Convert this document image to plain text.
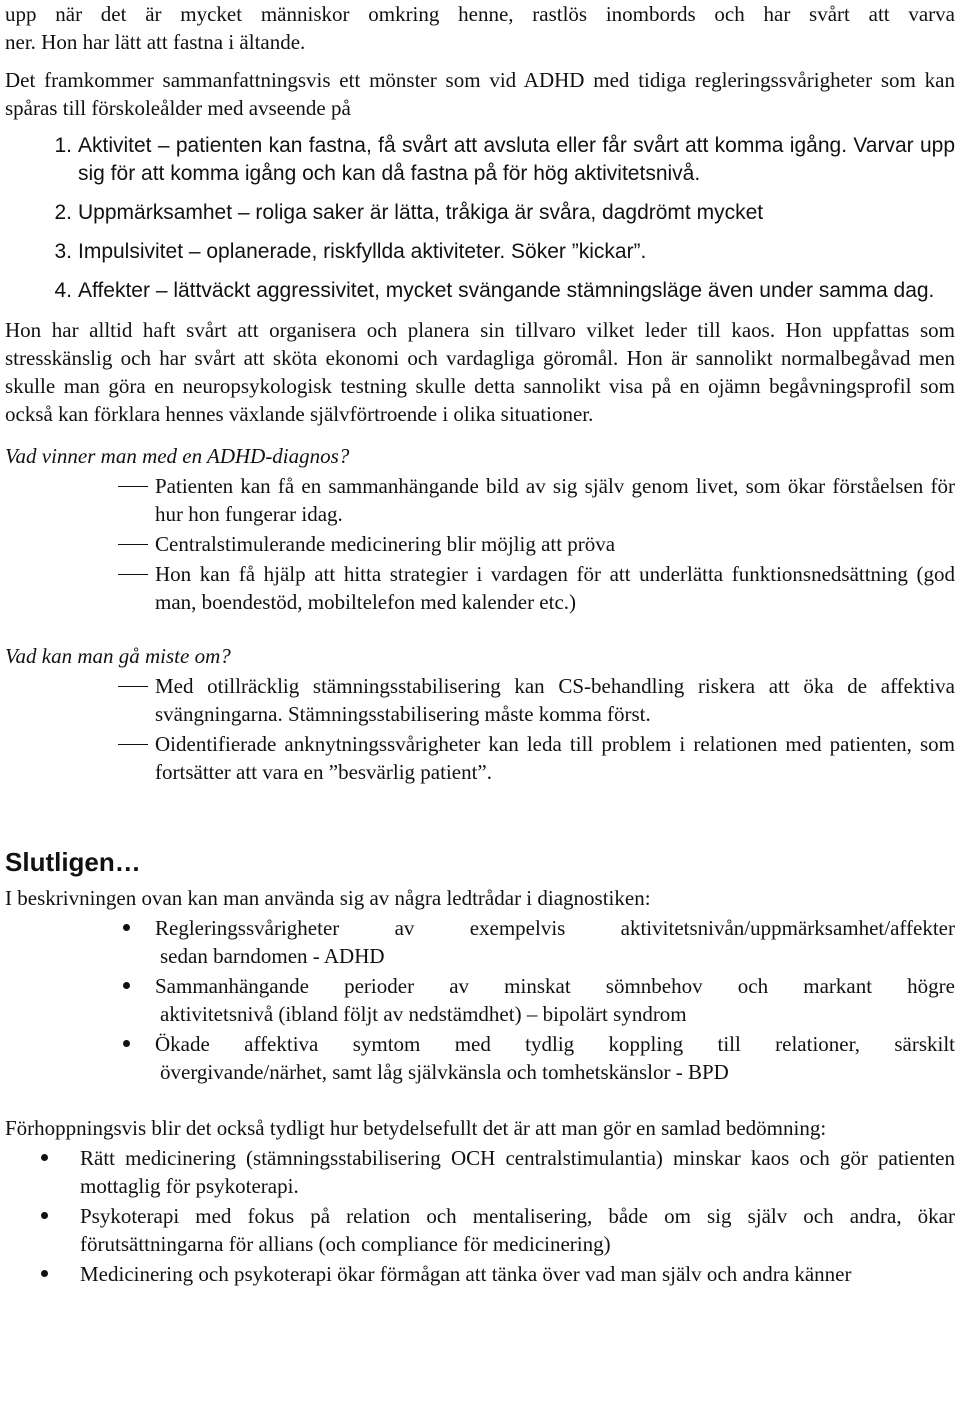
upp när det är mycket människor omkring henne, rastlös inombords och har svårt att varva

ner. Hon har lätt att fastna i ältande.

Det framkommer sammanfattningsvis ett mönster som vid ADHD med tidiga regleringssvårigheter som kan spåras till förskoleålder med avseende på

1. Aktivitet – patienten kan fastna, få svårt att avsluta eller får svårt att komma igång. Varvar upp sig för att komma igång och kan då fastna på för hög aktivitetsnivå.
2. Uppmärksamhet – roliga saker är lätta, tråkiga är svåra, dagdrömt mycket
3. Impulsivitet – oplanerade, riskfyllda aktiviteter. Söker ”kickar”.
4. Affekter – lättväckt aggressivitet, mycket svängande stämningsläge även under samma dag.

Hon har alltid haft svårt att organisera och planera sin tillvaro vilket leder till kaos. Hon uppfattas som stresskänslig och har svårt att sköta ekonomi och vardagliga göromål. Hon är sannolikt normalbegåvad men skulle man göra en neuropsykologisk testning skulle detta sannolikt visa på en ojämn begåvningsprofil som också kan förklara hennes växlande självförtroende i olika situationer.

Vad vinner man med en ADHD-diagnos?

Patienten kan få en sammanhängande bild av sig själv genom livet, som ökar förståelsen för hur hon fungerar idag.
Centralstimulerande medicinering blir möjlig att pröva
Hon kan få hjälp att hitta strategier i vardagen för att underlätta funktionsnedsättning (god man, boendestöd, mobiltelefon med kalender etc.)

Vad kan man gå miste om?

Med otillräcklig stämningsstabilisering kan CS-behandling riskera att öka de affektiva svängningarna. Stämningsstabilisering måste komma först.
Oidentifierade anknytningssvårigheter kan leda till problem i relationen med patienten, som fortsätter att vara en ”besvärlig patient”.

Slutligen…

I beskrivningen ovan kan man använda sig av några ledtrådar i diagnostiken:

Regleringssvårigheter av exempelvis aktivitetsnivån/uppmärksamhet/affekter
sedan barndomen - ADHD
Sammanhängande perioder av minskat sömnbehov och markant högre
aktivitetsnivå (ibland följt av nedstämdhet) – bipolärt syndrom
Ökade affektiva symtom med tydlig koppling till relationer, särskilt
övergivande/närhet, samt låg självkänsla och tomhetskänslor - BPD

Förhoppningsvis blir det också tydligt hur betydelsefullt det är att man gör en samlad bedömning:

Rätt medicinering (stämningsstabilisering OCH centralstimulantia) minskar kaos och gör patienten mottaglig för psykoterapi.
Psykoterapi med fokus på relation och mentalisering, både om sig själv och andra, ökar förutsättningarna för allians (och compliance för medicinering)
Medicinering och psykoterapi ökar förmågan att tänka över vad man själv och andra känner
